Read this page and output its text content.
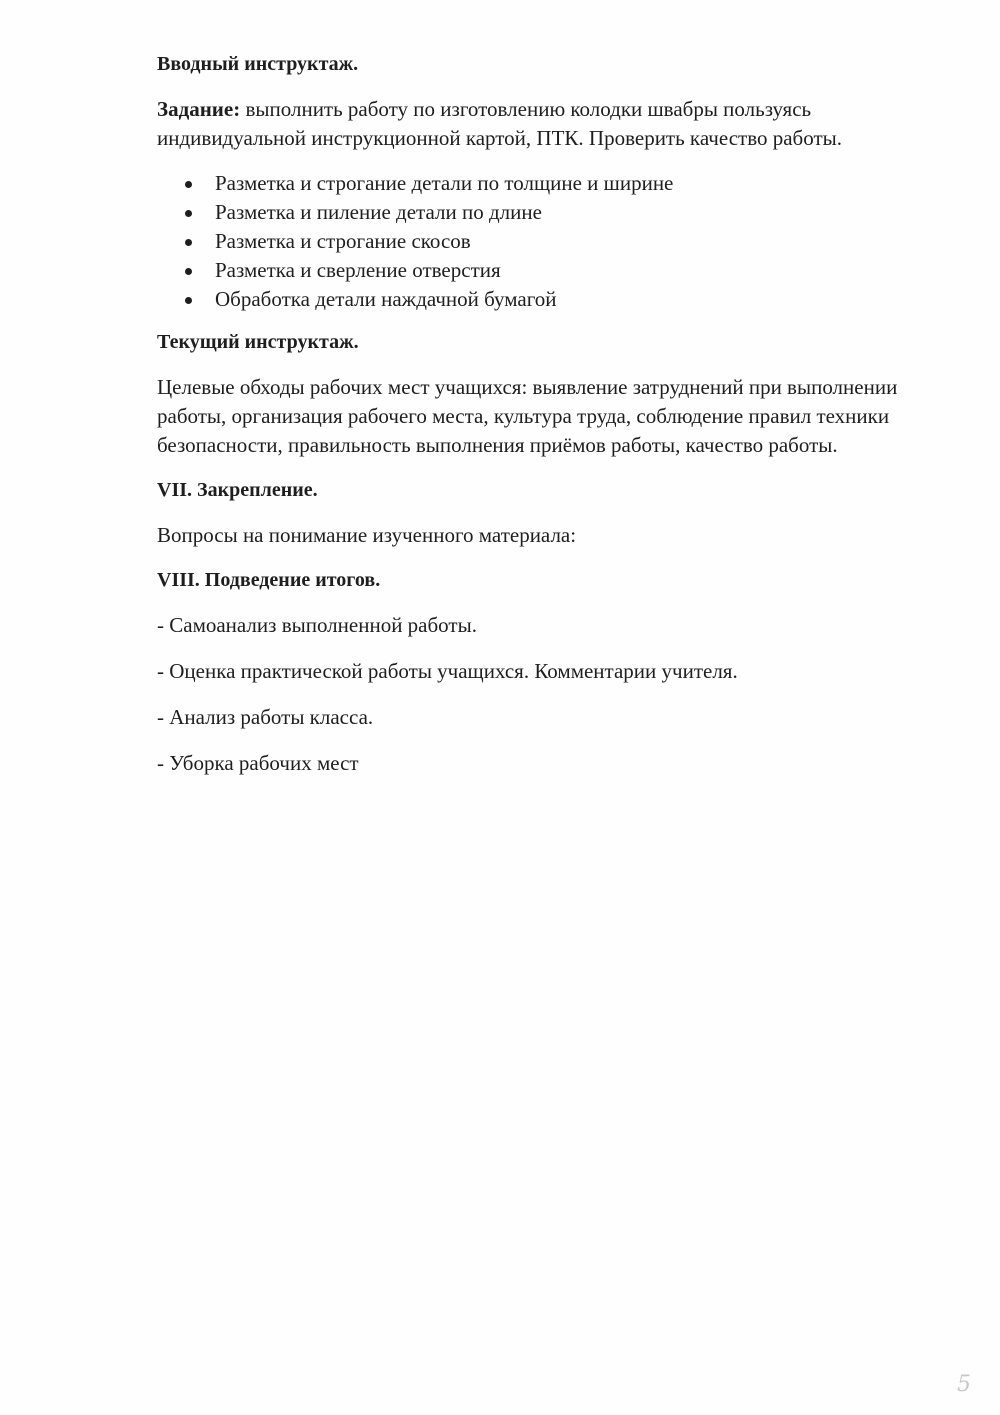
Вводный инструктаж.
Задание: выполнить работу по изготовлению колодки швабры пользуясь индивидуальной инструкционной картой, ПТК. Проверить качество работы.
Разметка и строгание детали по толщине и ширине
Разметка и пиление детали по длине
Разметка и строгание скосов
Разметка и сверление отверстия
Обработка детали наждачной бумагой
Текущий инструктаж.
Целевые обходы рабочих мест учащихся: выявление затруднений при выполнении работы, организация рабочего места, культура труда, соблюдение правил техники безопасности, правильность выполнения приёмов работы, качество работы.
VII. Закрепление.
Вопросы на понимание изученного материала:
VIII. Подведение итогов.
- Самоанализ выполненной работы.
- Оценка практической работы учащихся. Комментарии учителя.
- Анализ работы класса.
- Уборка рабочих мест
5
